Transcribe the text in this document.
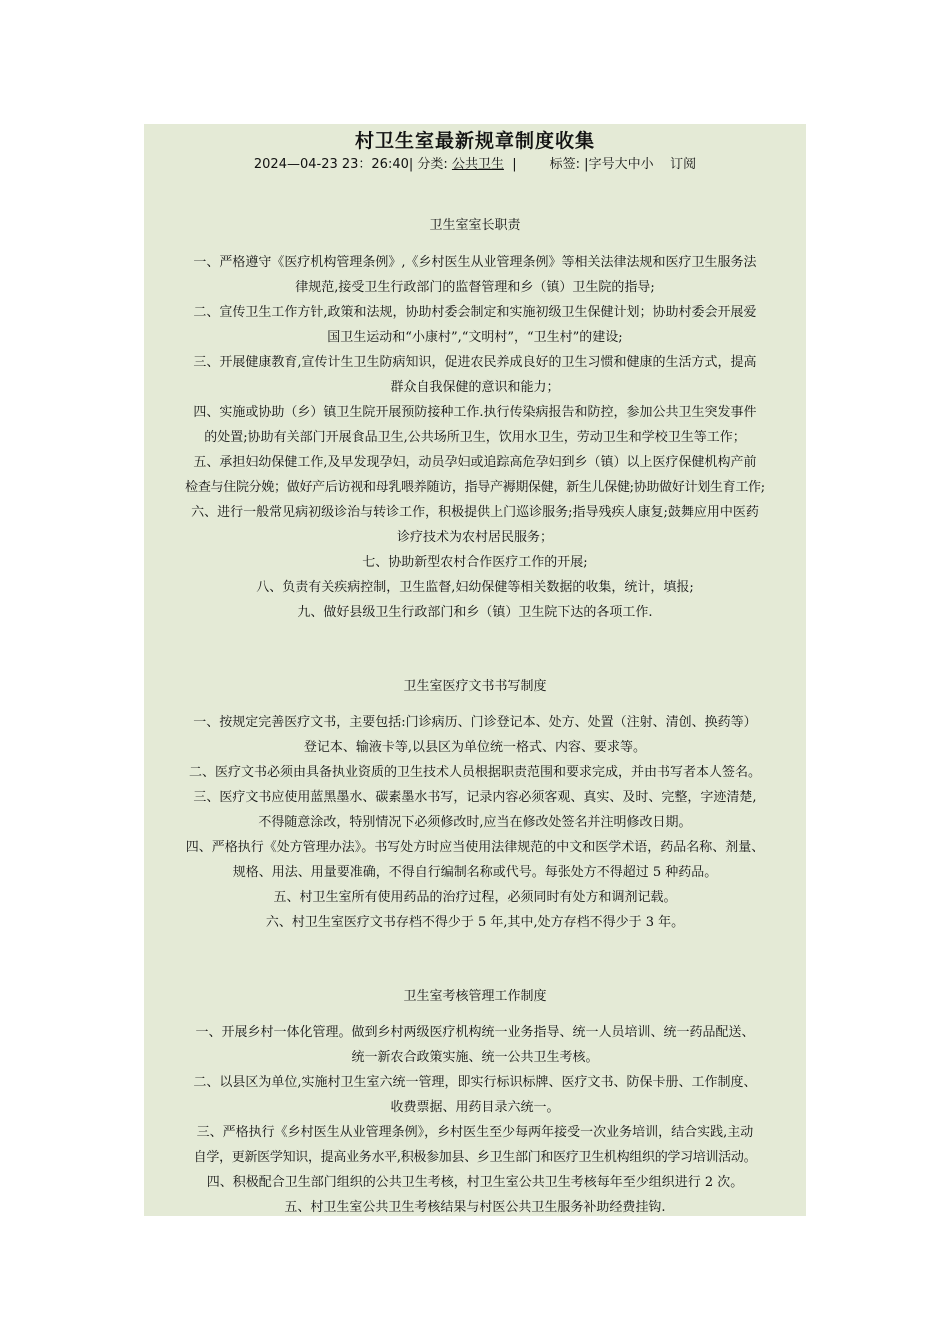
村卫生室最新规章制度收集
2024—04-23 23：26:40| 分类: 公共卫生 |	标签: |字号大中小 订阅
卫生室室长职责
一、严格遵守《医疗机构管理条例》,《乡村医生从业管理条例》等相关法律法规和医疗卫生服务法
律规范,接受卫生行政部门的监督管理和乡（镇）卫生院的指导;
二、宣传卫生工作方针,政策和法规，协助村委会制定和实施初级卫生保健计划；协助村委会开展爱
国卫生运动和“小康村”,“文明村”，“卫生村”的建设;
三、开展健康教育,宣传计生卫生防病知识，促进农民养成良好的卫生习惯和健康的生活方式，提高
群众自我保健的意识和能力；
四、实施或协助（乡）镇卫生院开展预防接种工作.执行传染病报告和防控，参加公共卫生突发事件
的处置;协助有关部门开展食品卫生,公共场所卫生，饮用水卫生，劳动卫生和学校卫生等工作；
五、承担妇幼保健工作,及早发现孕妇，动员孕妇或追踪高危孕妇到乡（镇）以上医疗保健机构产前
检查与住院分娩；做好产后访视和母乳喂养随访，指导产褥期保健，新生儿保健;协助做好计划生育工作;
六、进行一般常见病初级诊治与转诊工作，积极提供上门巡诊服务;指导残疾人康复;鼓舞应用中医药
诊疗技术为农村居民服务；
七、协助新型农村合作医疗工作的开展;
八、负责有关疾病控制，卫生监督,妇幼保健等相关数据的收集，统计，填报;
九、做好县级卫生行政部门和乡（镇）卫生院下达的各项工作.
卫生室医疗文书书写制度
一、按规定完善医疗文书，主要包括:门诊病历、门诊登记本、处方、处置（注射、清创、换药等）
登记本、输液卡等,以县区为单位统一格式、内容、要求等。
二、医疗文书必须由具备执业资质的卫生技术人员根据职责范围和要求完成，并由书写者本人签名。
三、医疗文书应使用蓝黑墨水、碳素墨水书写，记录内容必须客观、真实、及时、完整，字迹清楚,
不得随意涂改，特别情况下必须修改时,应当在修改处签名并注明修改日期。
四、严格执行《处方管理办法》。书写处方时应当使用法律规范的中文和医学术语，药品名称、剂量、
规格、用法、用量要准确，不得自行编制名称或代号。每张处方不得超过 5 种药品。
五、村卫生室所有使用药品的治疗过程，必须同时有处方和调剂记载。
六、村卫生室医疗文书存档不得少于 5 年,其中,处方存档不得少于 3 年。
卫生室考核管理工作制度
一、开展乡村一体化管理。做到乡村两级医疗机构统一业务指导、统一人员培训、统一药品配送、
统一新农合政策实施、统一公共卫生考核。
二、以县区为单位,实施村卫生室六统一管理，即实行标识标牌、医疗文书、防保卡册、工作制度、
收费票据、用药目录六统一。
三、严格执行《乡村医生从业管理条例》，乡村医生至少每两年接受一次业务培训，结合实践,主动
自学，更新医学知识，提高业务水平,积极参加县、乡卫生部门和医疗卫生机构组织的学习培训活动。
四、积极配合卫生部门组织的公共卫生考核，村卫生室公共卫生考核每年至少组织进行 2 次。
五、村卫生室公共卫生考核结果与村医公共卫生服务补助经费挂钩.
